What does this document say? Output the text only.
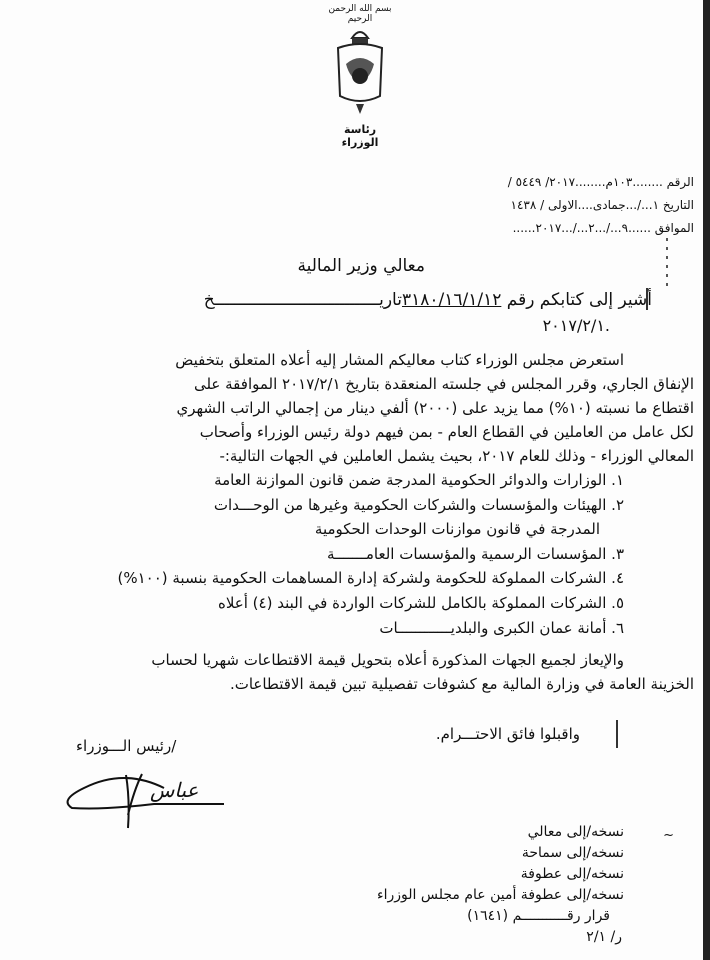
بسم الله الرحمن الرحيم
رئاسة الوزراء
الرقم ........١٠٣م........٢٠١٧/ ٥٤٤٩ /
التاريخ ١.../...جمادى....الاولى / ١٤٣٨
الموافق ......٩.../...٢.../...٢٠١٧......
معالي وزير المالية
أشير إلى كتابكم رقم ٣١٨٠/١٦/١/١٢تاريـــــــــــــــــــــــــــــــــخ
.٢٠١٧/٢/١
استعرض مجلس الوزراء كتاب معاليكم المشار إليه أعلاه المتعلق بتخفيض
الإنفاق الجاري، وقرر المجلس في جلسته المنعقدة بتاريخ ٢٠١٧/٢/١ الموافقة على
اقتطاع ما نسبته (١٠%) مما يزيد على (٢٠٠٠) ألفي دينار من إجمالي الراتب الشهري
لكل عامل من العاملين في القطاع العام - بمن فيهم دولة رئيس الوزراء وأصحاب
المعالي الوزراء - وذلك للعام ٢٠١٧، بحيث يشمل العاملين في الجهات التالية:-
١. الوزارات والدوائر الحكومية المدرجة ضمن قانون الموازنة العامة
٢. الهيئات والمؤسسات والشركات الحكومية وغيرها من الوحـــدات
المدرجة في قانون موازنات الوحدات الحكومية
٣. المؤسسات الرسمية والمؤسسات العامـــــــة
٤. الشركات المملوكة للحكومة ولشركة إدارة المساهمات الحكومية بنسبة (١٠٠%)
٥. الشركات المملوكة بالكامل للشركات الواردة في البند (٤) أعلاه
٦. أمانة عمان الكبرى والبلديــــــــــــات
والإيعاز لجميع الجهات المذكورة أعلاه بتحويل قيمة الاقتطاعات شهريا لحساب
الخزينة العامة في وزارة المالية مع كشوفات تفصيلية تبين قيمة الاقتطاعات.
واقبلوا فائق الاحتـــرام.
/رئيس الـــوزراء
عباس
~
نسخه/إلى معالي
نسخه/إلى سماحة
نسخه/إلى عطوفة
نسخه/إلى عطوفة أمين عام مجلس الوزراء
قرار رقـــــــــــم (١٦٤١)
ر/ ٢/١
